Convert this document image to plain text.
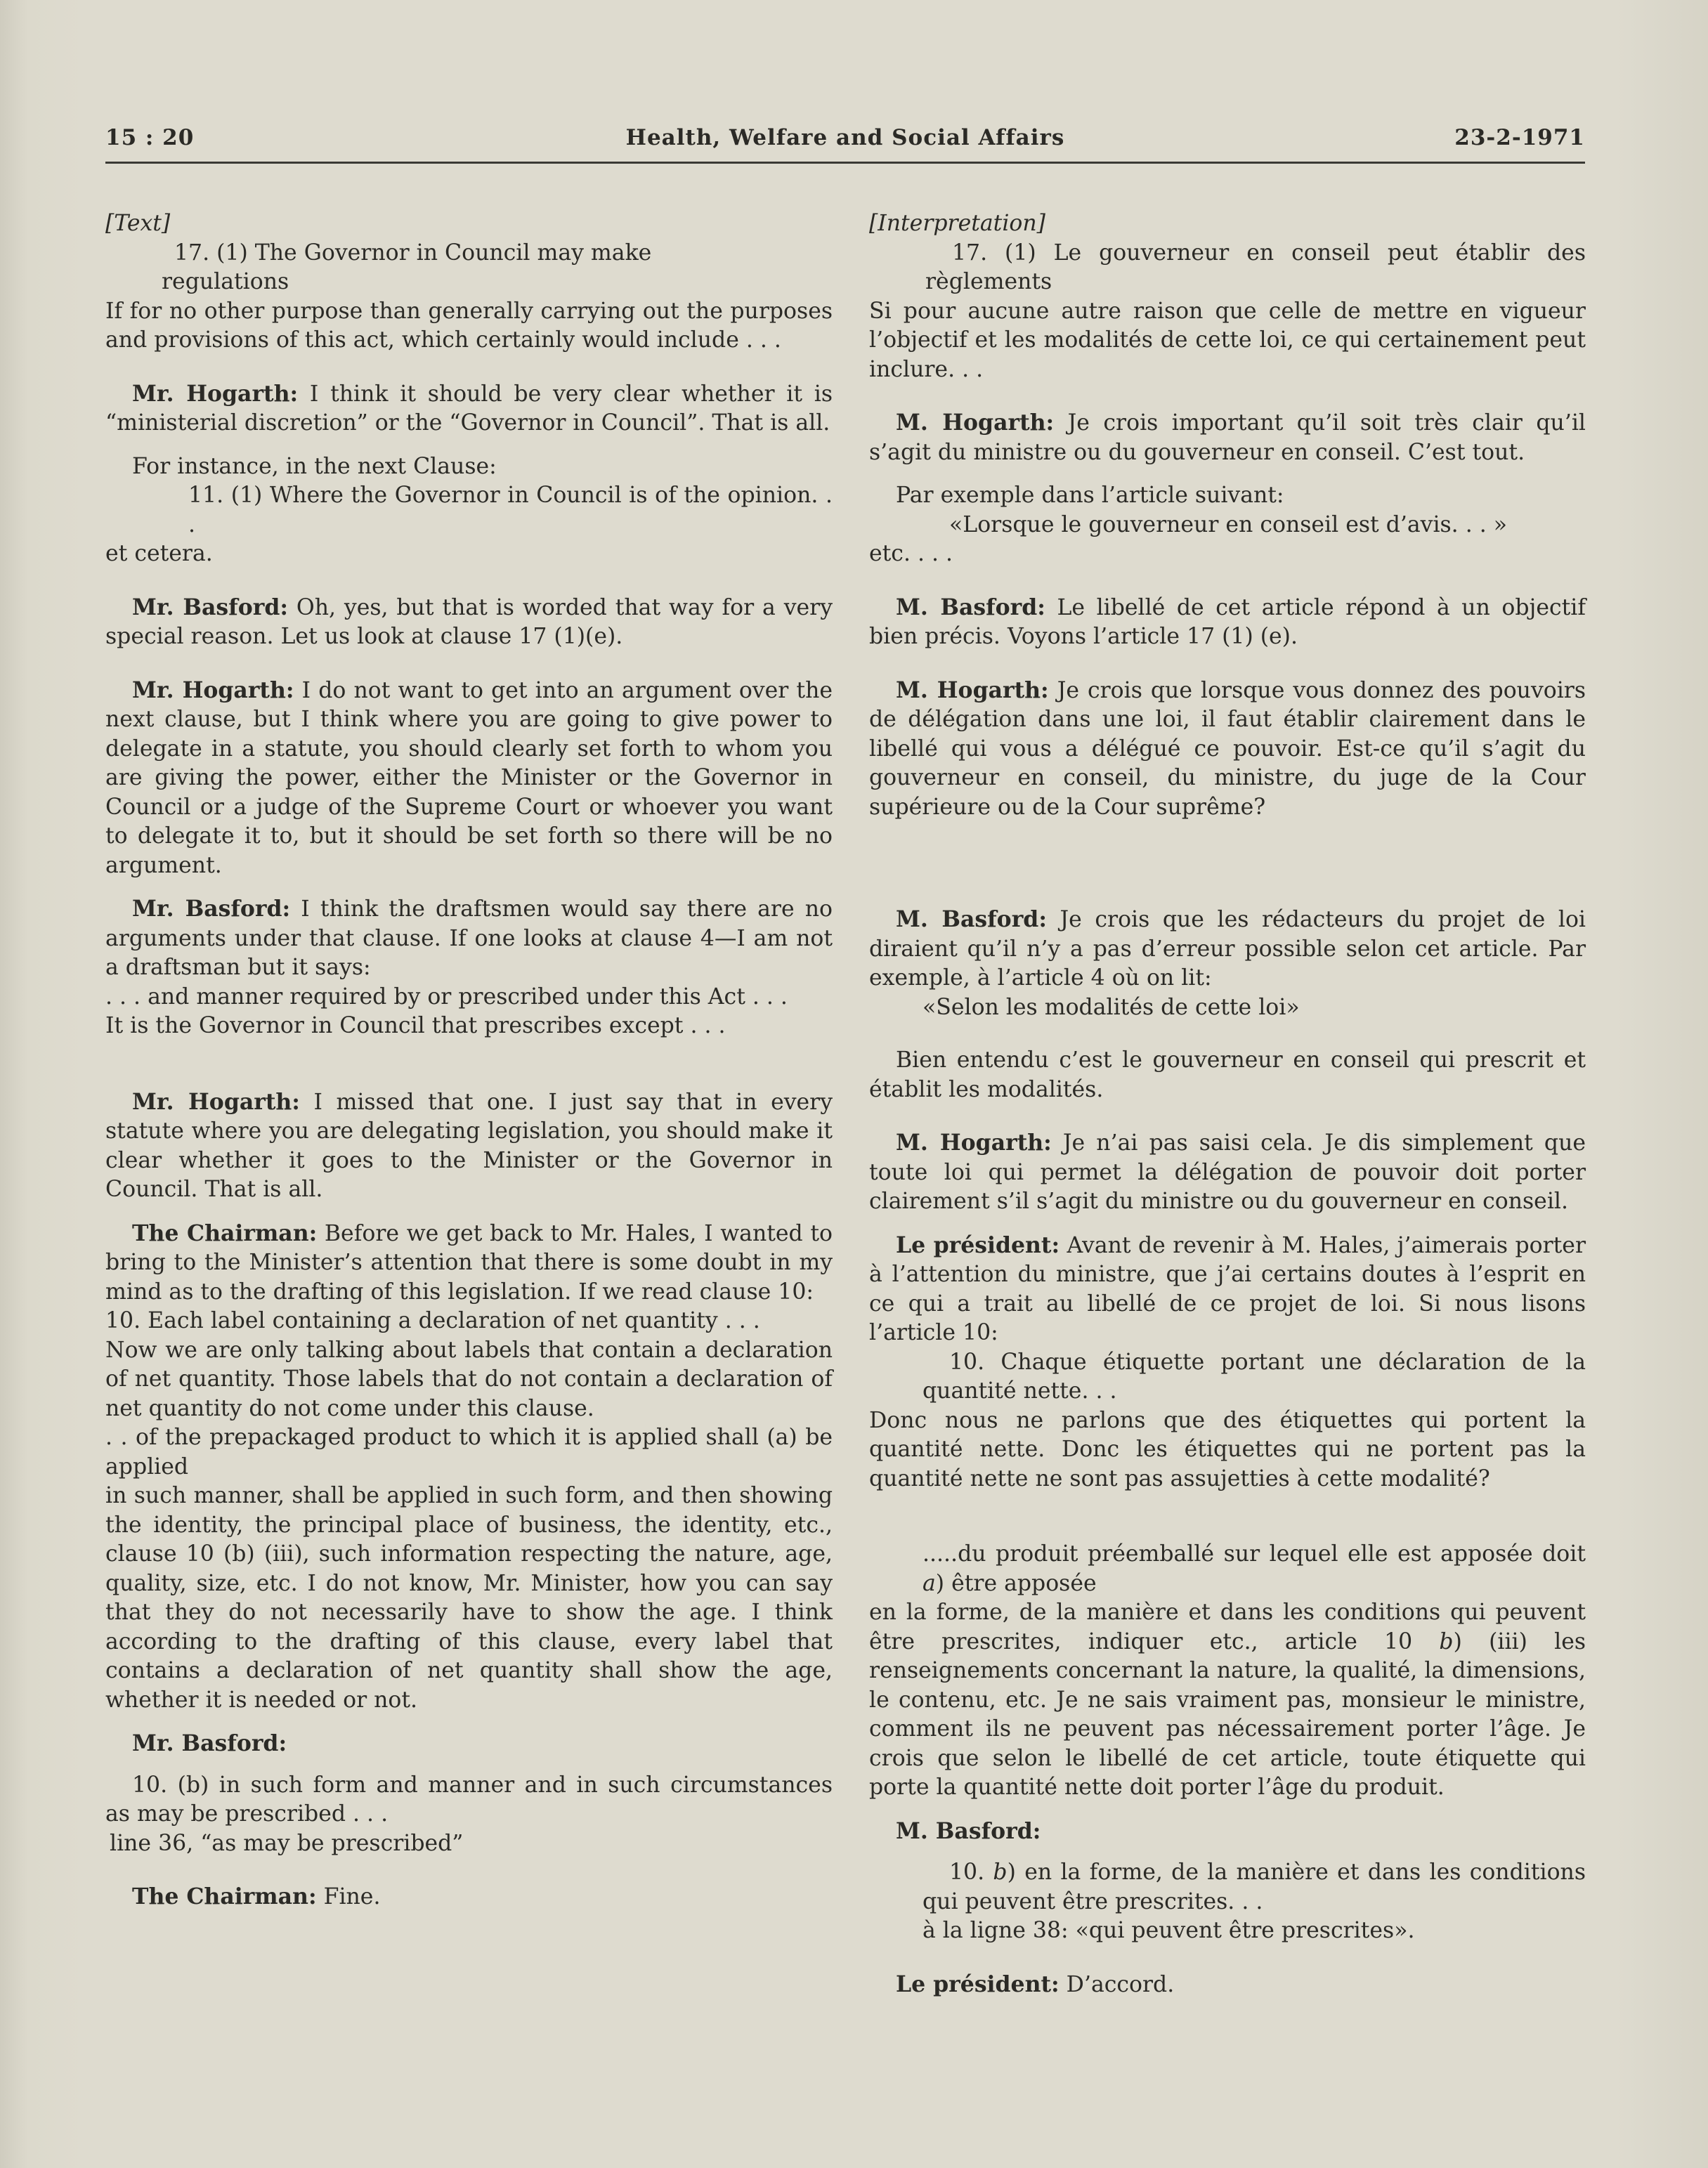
15 : 20	Health, Welfare and Social Affairs	23-2-1971

[Text]

17. (1) The Governor in Council may make

regulations

If for no other purpose than generally carrying out the purposes and provisions of this act, which certainly would include . . .

Mr. Hogarth: I think it should be very clear whether it is “ministerial discretion” or the “Governor in Council”. That is all.

For instance, in the next Clause:

11. (1) Where the Governor in Council is of the opinion. . .

et cetera.

Mr. Basford: Oh, yes, but that is worded that way for a very special reason. Let us look at clause 17 (1)(e).

Mr. Hogarth: I do not want to get into an argument over the next clause, but I think where you are going to give power to delegate in a statute, you should clearly set forth to whom you are giving the power, either the Minister or the Governor in Council or a judge of the Supreme Court or whoever you want to delegate it to, but it should be set forth so there will be no argument.

Mr. Basford: I think the draftsmen would say there are no arguments under that clause. If one looks at clause 4—I am not a draftsman but it says:

. . . and manner required by or prescribed under this Act . . .

It is the Governor in Council that prescribes except . . .

Mr. Hogarth: I missed that one. I just say that in every statute where you are delegating legislation, you should make it clear whether it goes to the Minister or the Governor in Council. That is all.

The Chairman: Before we get back to Mr. Hales, I wanted to bring to the Minister’s attention that there is some doubt in my mind as to the drafting of this legislation. If we read clause 10:

10. Each label containing a declaration of net quantity . . .

Now we are only talking about labels that contain a declaration of net quantity. Those labels that do not contain a declaration of net quantity do not come under this clause.

. . of the prepackaged product to which it is applied shall (a) be applied

in such manner, shall be applied in such form, and then showing the identity, the principal place of business, the identity, etc., clause 10 (b) (iii), such information respecting the nature, age, quality, size, etc. I do not know, Mr. Minister, how you can say that they do not necessarily have to show the age. I think according to the drafting of this clause, every label that contains a declaration of net quantity shall show the age, whether it is needed or not.

Mr. Basford:

10. (b) in such form and manner and in such circumstances as may be prescribed . . .

line 36, “as may be prescribed”

The Chairman: Fine.

[Interpretation]

17. (1) Le gouverneur en conseil peut établir des règlements

Si pour aucune autre raison que celle de mettre en vigueur l’objectif et les modalités de cette loi, ce qui certainement peut inclure. . .

M. Hogarth: Je crois important qu’il soit très clair qu’il s’agit du ministre ou du gouverneur en conseil. C’est tout.

Par exemple dans l’article suivant:

«Lorsque le gouverneur en conseil est d’avis. . . »

etc. . . .

M. Basford: Le libellé de cet article répond à un objectif bien précis. Voyons l’article 17 (1) (e).

M. Hogarth: Je crois que lorsque vous donnez des pouvoirs de délégation dans une loi, il faut établir clairement dans le libellé qui vous a délégué ce pouvoir. Est-ce qu’il s’agit du gouverneur en conseil, du ministre, du juge de la Cour supérieure ou de la Cour suprême?

M. Basford: Je crois que les rédacteurs du projet de loi diraient qu’il n’y a pas d’erreur possible selon cet article. Par exemple, à l’article 4 où on lit:

«Selon les modalités de cette loi»

Bien entendu c’est le gouverneur en conseil qui prescrit et établit les modalités.

M. Hogarth: Je n’ai pas saisi cela. Je dis simplement que toute loi qui permet la délégation de pouvoir doit porter clairement s’il s’agit du ministre ou du gouverneur en conseil.

Le président: Avant de revenir à M. Hales, j’aimerais porter à l’attention du ministre, que j’ai certains doutes à l’esprit en ce qui a trait au libellé de ce projet de loi. Si nous lisons l’article 10:

10. Chaque étiquette portant une déclaration de la quantité nette. . .

Donc nous ne parlons que des étiquettes qui portent la quantité nette. Donc les étiquettes qui ne portent pas la quantité nette ne sont pas assujetties à cette modalité?

.....du produit préemballé sur lequel elle est apposée doit a) être apposée

en la forme, de la manière et dans les conditions qui peuvent être prescrites, indiquer etc., article 10 b) (iii) les renseignements concernant la nature, la qualité, la dimensions, le contenu, etc. Je ne sais vraiment pas, monsieur le ministre, comment ils ne peuvent pas nécessairement porter l’âge. Je crois que selon le libellé de cet article, toute étiquette qui porte la quantité nette doit porter l’âge du produit.

M. Basford:

10. b) en la forme, de la manière et dans les conditions qui peuvent être prescrites. . .

à la ligne 38: «qui peuvent être prescrites».

Le président: D’accord.
